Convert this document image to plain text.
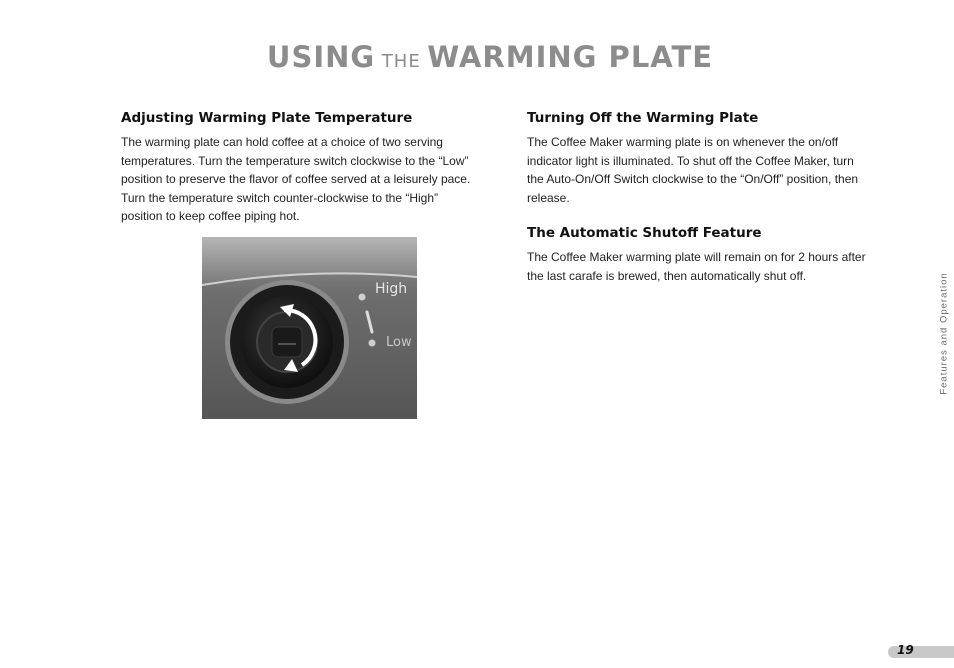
USING THE WARMING PLATE
Adjusting Warming Plate Temperature
The warming plate can hold coffee at a choice of two serving
temperatures. Turn the temperature switch clockwise to the “Low”
position to preserve the flavor of coffee served at a leisurely pace.
Turn the temperature switch counter-clockwise to the “High”
position to keep coffee piping hot.
High
Low
Turning Off the Warming Plate
The Coffee Maker warming plate is on whenever the on/off
indicator light is illuminated. To shut off the Coffee Maker, turn
the Auto-On/Off Switch clockwise to the “On/Off” position, then
release.
The Automatic Shutoff Feature
The Coffee Maker warming plate will remain on for 2 hours after
the last carafe is brewed, then automatically shut off.	Features and Operation
19
